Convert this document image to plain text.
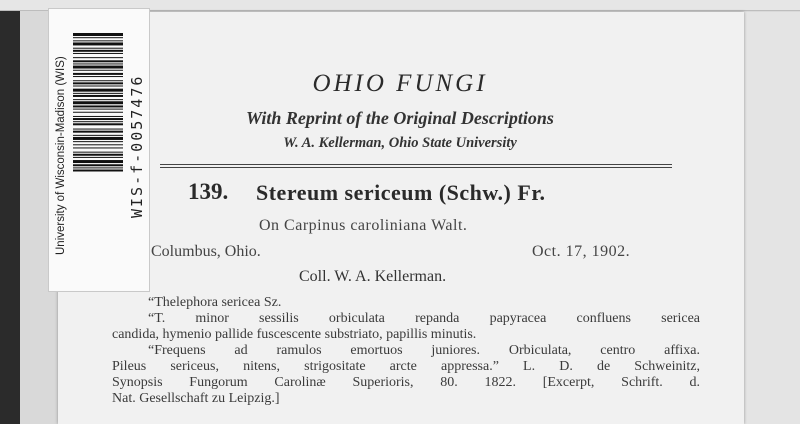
University of Wisconsin-Madison (WIS)	WIS-f-0057476	OHIO FUNGI
With Reprint of the Original Descriptions
W. A. Kellerman, Ohio State University
139. Stereum sericeum (Schw.) Fr.
On Carpinus caroliniana Walt.
Columbus, Ohio.	Oct. 17, 1902.
Coll. W. A. Kellerman.
“Thelephora sericea Sz.
“T. minor sessilis orbiculata repanda papyracea confluens sericea
candida, hymenio pallide fuscescente substriato, papillis minutis.
“Frequens ad ramulos emortuos juniores. Orbiculata, centro affixa.
Pileus sericeus, nitens, strigositate arcte appressa.” L. D. de Schweinitz,
Synopsis Fungorum Carolinæ Superioris, 80. 1822. [Excerpt, Schrift. d.
Nat. Gesellschaft zu Leipzig.]
